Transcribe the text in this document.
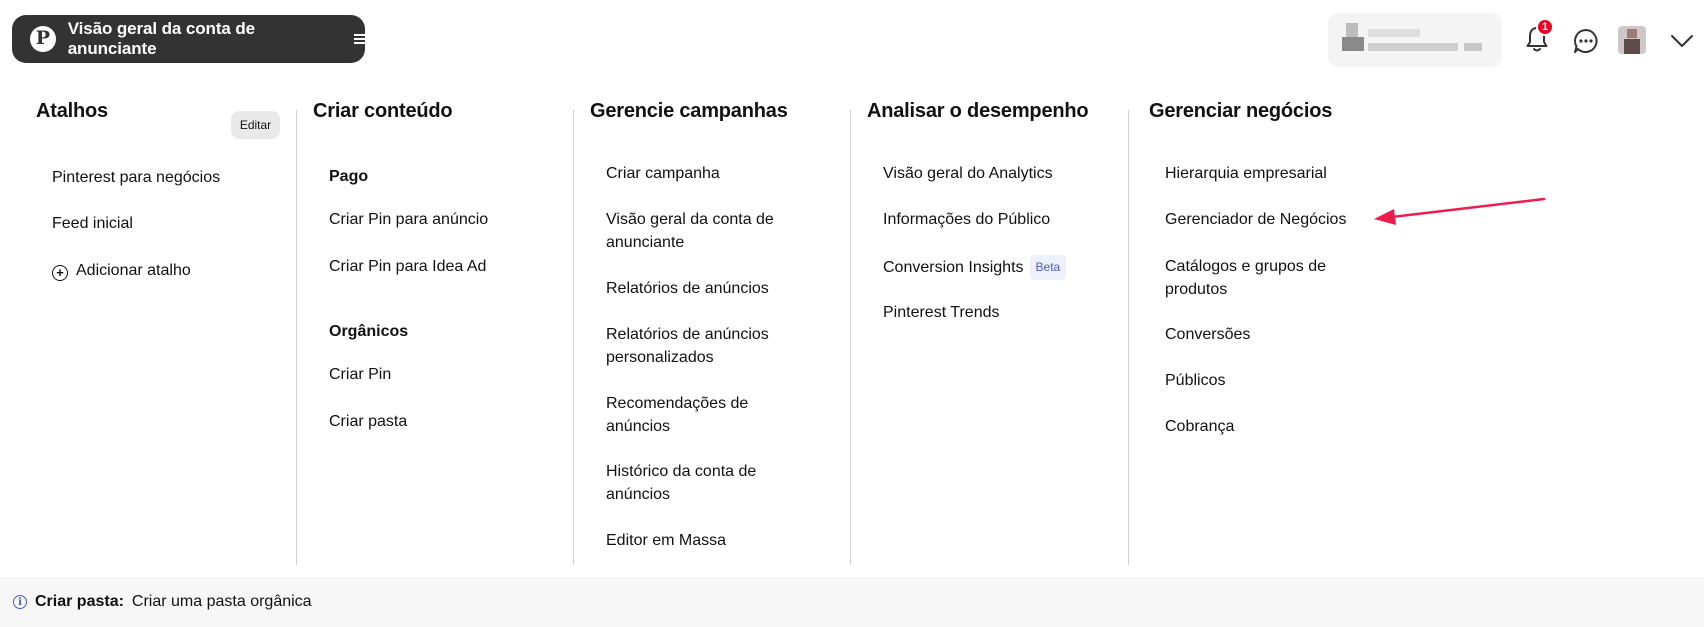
P Visão geral da conta de anunciante
1
Atalhos
Editar
Pinterest para negócios
Feed inicial
+ Adicionar atalho
Criar conteúdo
Pago
Criar Pin para anúncio
Criar Pin para Idea Ad
Orgânicos
Criar Pin
Criar pasta
Gerencie campanhas
Criar campanha
Visão geral da conta de anunciante
Relatórios de anúncios
Relatórios de anúncios personalizados
Recomendações de anúncios
Histórico da conta de anúncios
Editor em Massa
Analisar o desempenho
Visão geral do Analytics
Informações do Público
Conversion Insights Beta
Pinterest Trends
Gerenciar negócios
Hierarquia empresarial
Gerenciador de Negócios
Catálogos e grupos de produtos
Conversões
Públicos
Cobrança
i Criar pasta: Criar uma pasta orgânica
